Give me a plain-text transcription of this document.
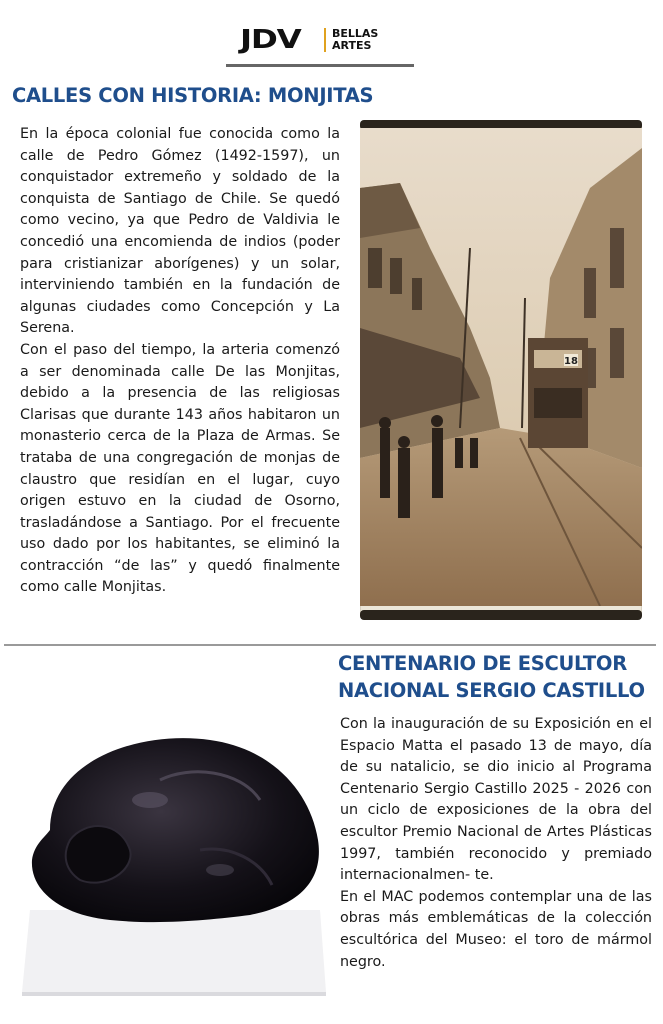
JDV	BELLAS
ARTES
CALLES CON HISTORIA: MONJITAS

En la época colonial fue conocida como la calle de Pedro Gómez (1492-1597), un conquistador extremeño y soldado de la conquista de Santiago de Chile. Se quedó como vecino, ya que Pedro de Valdivia le concedió una encomienda de indios (poder para cristianizar aborígenes) y un solar, interviniendo también en la fundación de algunas ciudades como Concepción y La Serena.

Con el paso del tiempo, la arteria comenzó a ser denominada calle De las Monjitas, debido a la presencia de las religiosas Clarisas que durante 143 años habitaron un monasterio cerca de la Plaza de Armas. Se trataba de una congregación de monjas de claustro que residían en el lugar, cuyo origen estuvo en la ciudad de Osorno, trasladándose a Santiago. Por el frecuente uso dado por los habitantes, se eliminó la contracción “de las” y quedó finalmente como calle Monjitas.

18
CENTENARIO DE ESCULTOR
NACIONAL SERGIO CASTILLO

Con la inauguración de su Exposición en el Espacio Matta el pasado 13 de mayo, día de su natalicio, se dio inicio al Programa Centenario Sergio Castillo 2025 - 2026 con un ciclo de exposiciones de la obra del escultor Premio Nacional de Artes Plásticas 1997, también reconocido y premiado internacionalmen- te.

En el MAC podemos contemplar una de las obras más emblemáticas de la colección escultórica del Museo: el toro de mármol negro.
